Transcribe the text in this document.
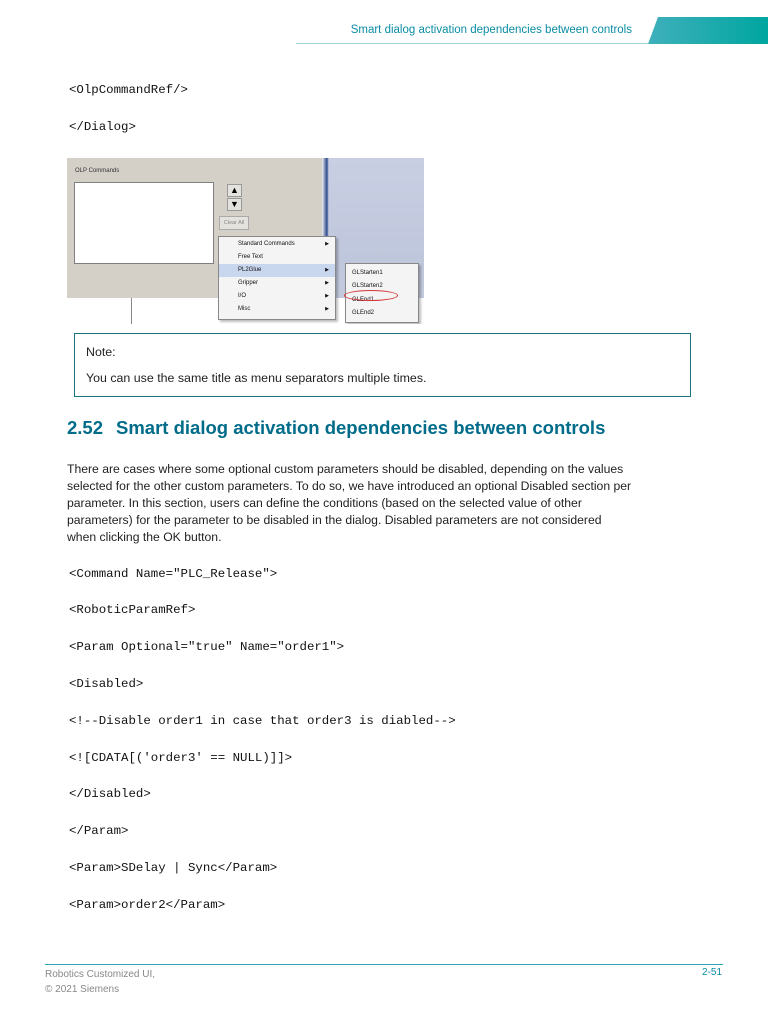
Smart dialog activation dependencies between controls
<OlpCommandRef/>
</Dialog>
OLP Commands
▲
▼
Clear All
Standard Commands	▶
Free Text
PL2Glue	▶
Gripper	▶
I/O	▶
Misc	▶
GLStarten1
GLStarten2
GLEnd1
GLEnd2
Note:
You can use the same title as menu separators multiple times.
2.52 Smart dialog activation dependencies between controls
There are cases where some optional custom parameters should be disabled, depending on the values
selected for the other custom parameters. To do so, we have introduced an optional Disabled section per
parameter. In this section, users can define the conditions (based on the selected value of other
parameters) for the parameter to be disabled in the dialog. Disabled parameters are not considered
when clicking the OK button.
<Command Name="PLC_Release">
<RoboticParamRef>
<Param Optional="true" Name="order1">
<Disabled>
<!--Disable order1 in case that order3 is diabled-->
<![CDATA[('order3' == NULL)]]>
</Disabled>
</Param>
<Param>SDelay | Sync</Param>
<Param>order2</Param>
Robotics Customized UI,
© 2021 Siemens
2-51
